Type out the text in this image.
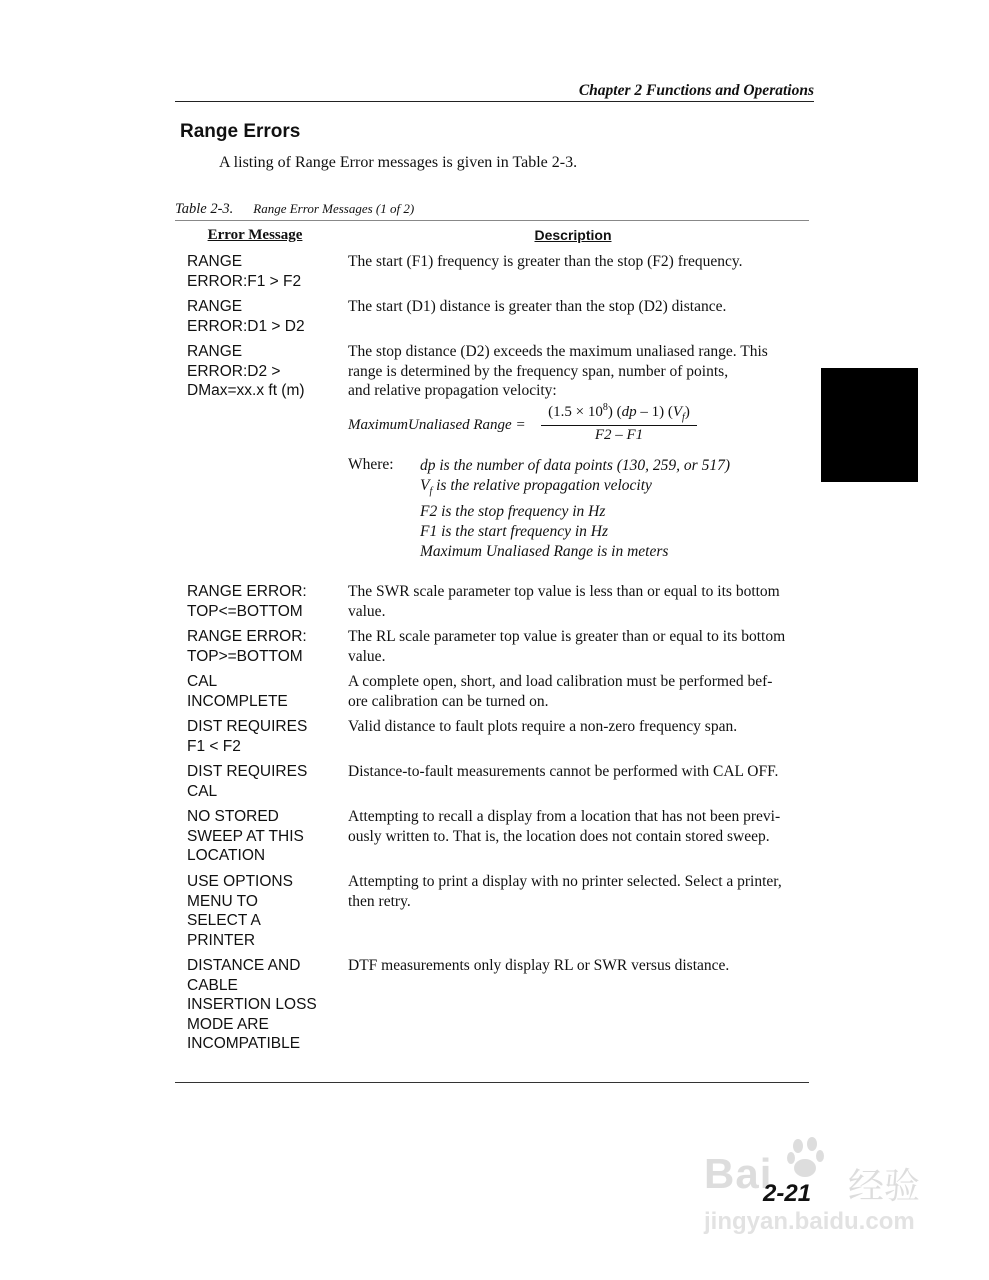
Chapter 2 Functions and Operations
Range Errors
A listing of Range Error messages is given in Table 2-3.
Table 2-3. Range Error Messages (1 of 2)
Error Message	Description
RANGE
ERROR:F1 > F2
The start (F1) frequency is greater than the stop (F2) frequency.
RANGE
ERROR:D1 > D2
The start (D1) distance is greater than the stop (D2) distance.
RANGE
ERROR:D2 >
DMax=xx.x ft (m)
The stop distance (D2) exceeds the maximum unaliased range. This
range is determined by the frequency span, number of points,
and relative propagation velocity:
MaximumUnaliased Range =
$(1.5 \times 10^8)$ (dp – 1) $(V_f)$
F2 – F1
Where: dp is the number of data points (130, 259, or 517)
$V_f$ is the relative propagation velocity
F2 is the stop frequency in Hz
F1 is the start frequency in Hz
Maximum Unaliased Range is in meters
RANGE ERROR:
TOP<=BOTTOM
The SWR scale parameter top value is less than or equal to its bottom
value.
RANGE ERROR:
TOP>=BOTTOM
The RL scale parameter top value is greater than or equal to its bottom
value.
CAL
INCOMPLETE
A complete open, short, and load calibration must be performed bef-
ore calibration can be turned on.
DIST REQUIRES
F1 < F2
Valid distance to fault plots require a non-zero frequency span.
DIST REQUIRES
CAL
Distance-to-fault measurements cannot be performed with CAL OFF.
NO STORED
SWEEP AT THIS
LOCATION
Attempting to recall a display from a location that has not been previ-
ously written to. That is, the location does not contain stored sweep.
USE OPTIONS
MENU TO
SELECT A
PRINTER
Attempting to print a display with no printer selected. Select a printer,
then retry.
DISTANCE AND
CABLE
INSERTION LOSS
MODE ARE
INCOMPATIBLE
DTF measurements only display RL or SWR versus distance.
Bai 经验
jingyan.baidu.com
2-21
